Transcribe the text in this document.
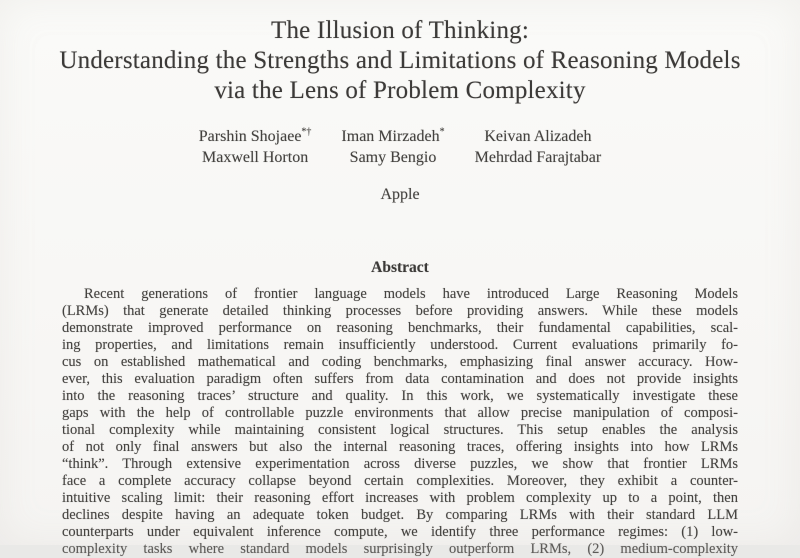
The Illusion of Thinking:
Understanding the Strengths and Limitations of Reasoning Models
via the Lens of Problem Complexity
Parshin Shojaee*† Iman Mirzadeh*	Keivan Alizadeh
Maxwell Horton	Samy Bengio	Mehrdad Farajtabar
Apple
Abstract
Recent generations of frontier language models have introduced Large Reasoning Models
(LRMs) that generate detailed thinking processes before providing answers. While these models
demonstrate improved performance on reasoning benchmarks, their fundamental capabilities, scal-
ing properties, and limitations remain insufficiently understood. Current evaluations primarily fo-
cus on established mathematical and coding benchmarks, emphasizing final answer accuracy. How-
ever, this evaluation paradigm often suffers from data contamination and does not provide insights
into the reasoning traces’ structure and quality. In this work, we systematically investigate these
gaps with the help of controllable puzzle environments that allow precise manipulation of composi-
tional complexity while maintaining consistent logical structures. This setup enables the analysis
of not only final answers but also the internal reasoning traces, offering insights into how LRMs
“think”. Through extensive experimentation across diverse puzzles, we show that frontier LRMs
face a complete accuracy collapse beyond certain complexities. Moreover, they exhibit a counter-
intuitive scaling limit: their reasoning effort increases with problem complexity up to a point, then
declines despite having an adequate token budget. By comparing LRMs with their standard LLM
counterparts under equivalent inference compute, we identify three performance regimes: (1) low-
complexity tasks where standard models surprisingly outperform LRMs, (2) medium-complexity
